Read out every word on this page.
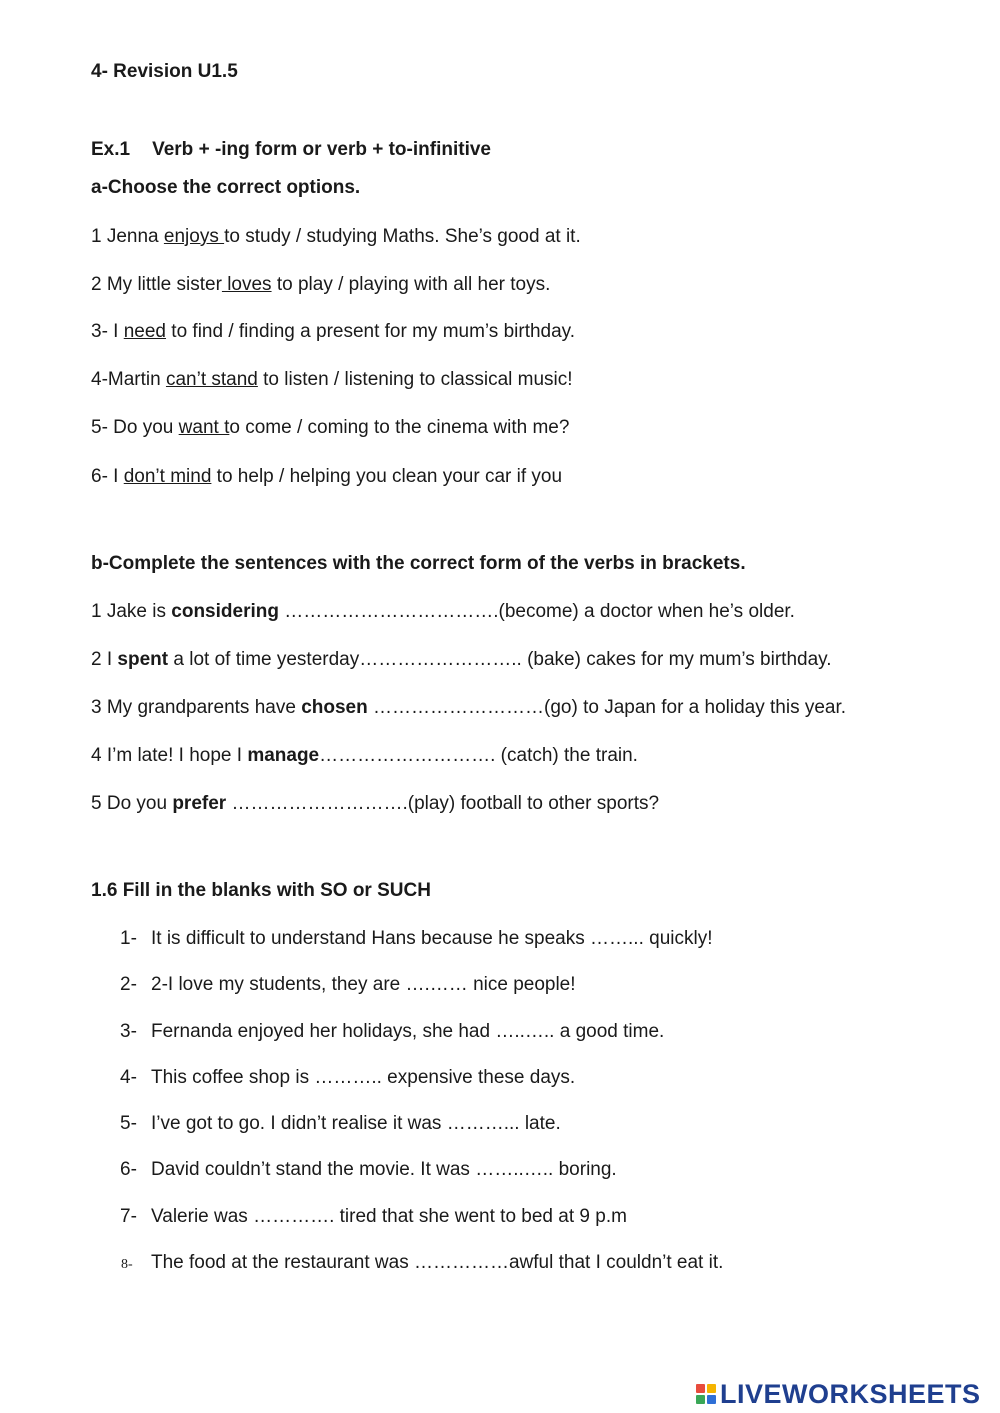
4- Revision U1.5
Ex.1 Verb + -ing form or verb + to-infinitive
a-Choose the correct options.
1 Jenna enjoys to study / studying Maths. She’s good at it.
2 My little sister loves to play / playing with all her toys.
3- I need to find / finding a present for my mum’s birthday.
4-Martin can’t stand to listen / listening to classical music!
5- Do you want to come / coming to the cinema with me?
6- I don’t mind to help / helping you clean your car if you
b-Complete the sentences with the correct form of the verbs in brackets.
1 Jake is considering …………………………….(become) a doctor when he’s older.
2 I spent a lot of time yesterday…………………….. (bake) cakes for my mum’s birthday.
3 My grandparents have chosen ………………………(go) to Japan for a holiday this year.
4 I’m late! I hope I manage………………………. (catch) the train.
5 Do you prefer ……………………….(play) football to other sports?
1.6 Fill in the blanks with SO or SUCH
1- It is difficult to understand Hans because he speaks ……... quickly!
2- 2-I love my students, they are ….…… nice people!
3- Fernanda enjoyed her holidays, she had …..….. a good time.
4- This coffee shop is ……….. expensive these days.
5- I’ve got to go. I didn’t realise it was ………... late.
6- David couldn’t stand the movie. It was ……..….. boring.
7- Valerie was …………. tired that she went to bed at 9 p.m
8- The food at the restaurant was ……………awful that I couldn’t eat it.
LIVEWORKSHEETS
